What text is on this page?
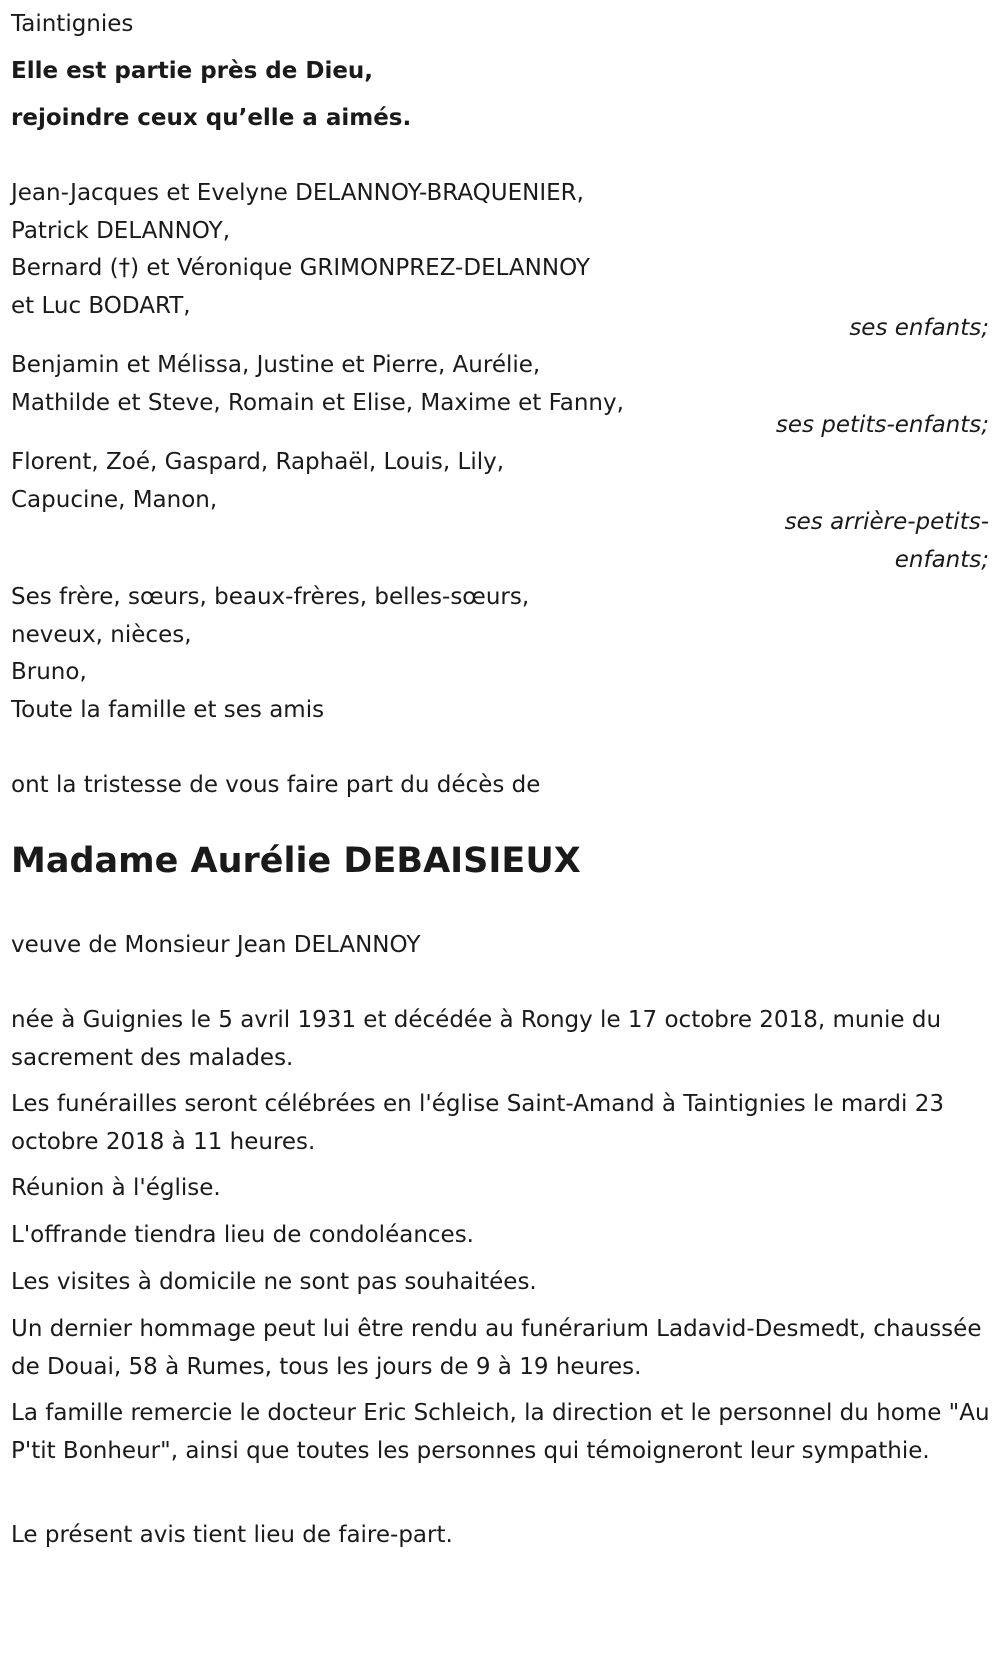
Taintignies
Elle est partie près de Dieu,
rejoindre ceux qu’elle a aimés.
Jean-Jacques et Evelyne DELANNOY-BRAQUENIER,
Patrick DELANNOY,
Bernard (†) et Véronique GRIMONPREZ-DELANNOY
et Luc BODART,
ses enfants;
Benjamin et Mélissa, Justine et Pierre, Aurélie,
Mathilde et Steve, Romain et Elise, Maxime et Fanny,
ses petits-enfants;
Florent, Zoé, Gaspard, Raphaël, Louis, Lily,
Capucine, Manon,
ses arrière-petits-
enfants;
Ses frère, sœurs, beaux-frères, belles-sœurs,
neveux, nièces,
Bruno,
Toute la famille et ses amis
ont la tristesse de vous faire part du décès de
Madame Aurélie DEBAISIEUX
veuve de Monsieur Jean DELANNOY
née à Guignies le 5 avril 1931 et décédée à Rongy le 17 octobre 2018, munie du sacrement des malades.
Les funérailles seront célébrées en l'église Saint-Amand à Taintignies le mardi 23 octobre 2018 à 11 heures.
Réunion à l'église.
L'offrande tiendra lieu de condoléances.
Les visites à domicile ne sont pas souhaitées.
Un dernier hommage peut lui être rendu au funérarium Ladavid-Desmedt, chaussée de Douai, 58 à Rumes, tous les jours de 9 à 19 heures.
La famille remercie le docteur Eric Schleich, la direction et le personnel du home "Au P'tit Bonheur", ainsi que toutes les personnes qui témoigneront leur sympathie.
Le présent avis tient lieu de faire-part.
